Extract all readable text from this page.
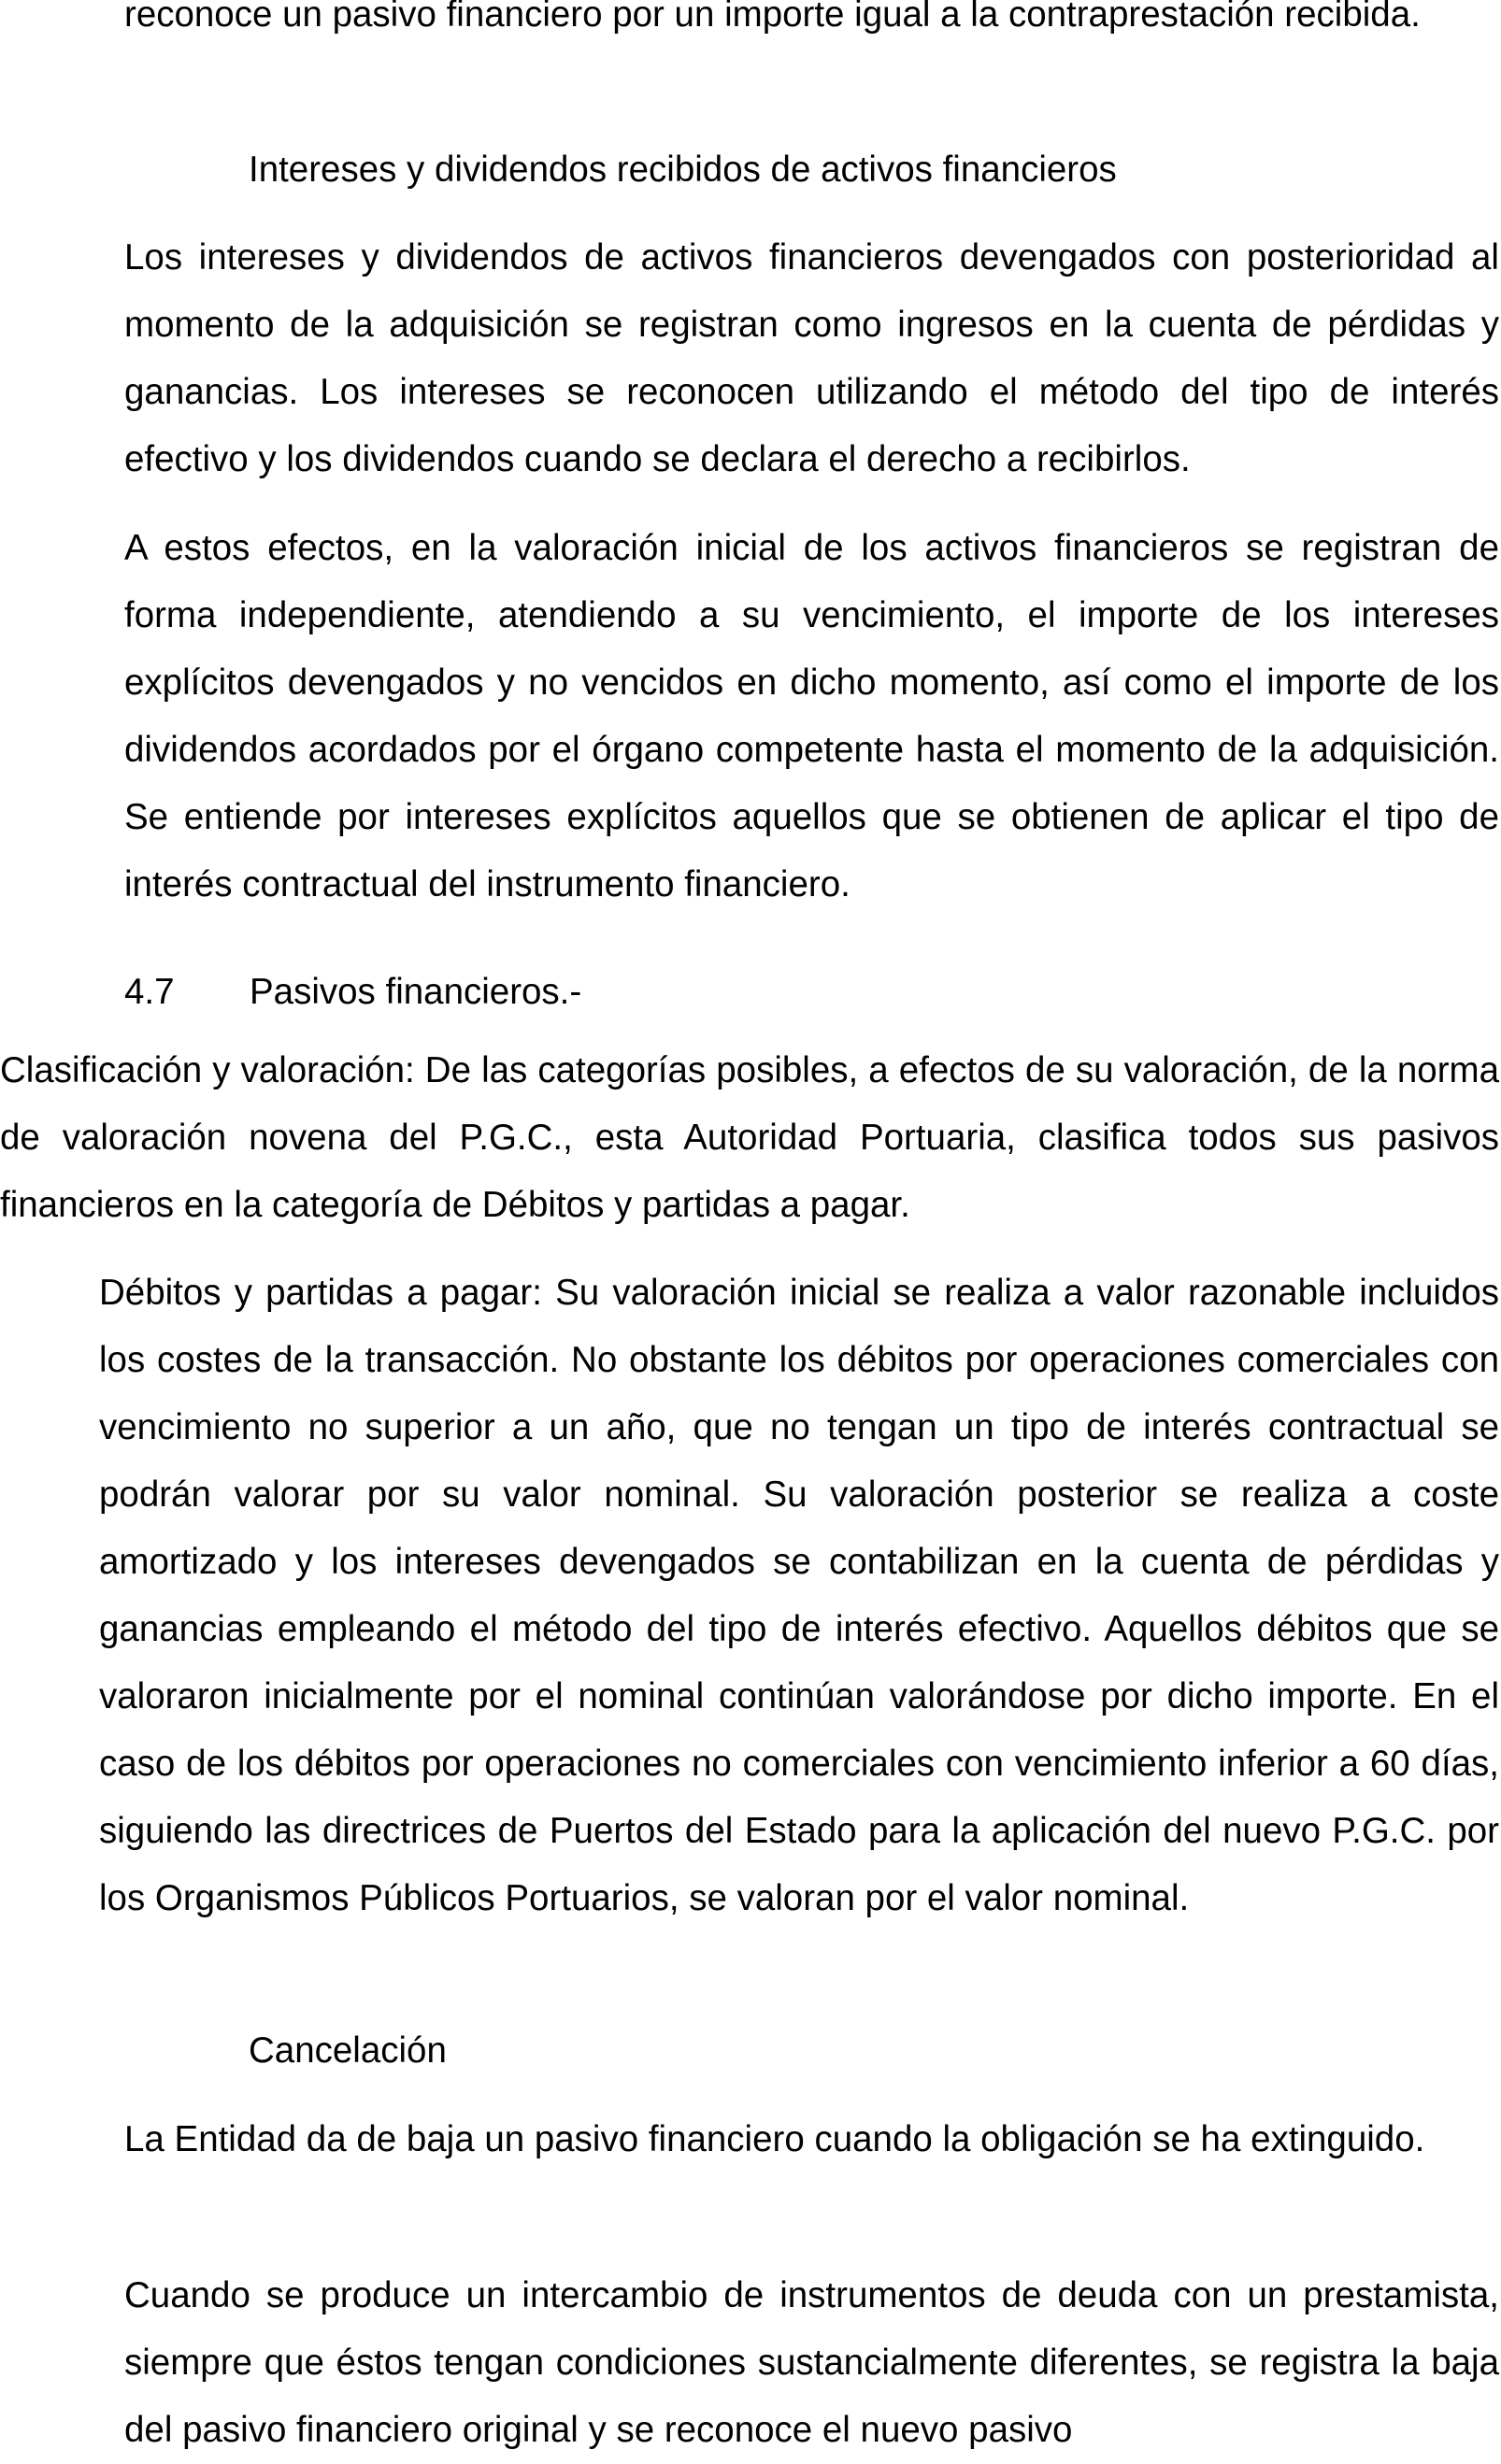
reconoce un pasivo financiero por un importe igual a la contraprestación recibida.
Intereses y dividendos recibidos de activos financieros
Los intereses y dividendos de activos financieros devengados con posterioridad al momento de la adquisición se registran como ingresos en la cuenta de pérdidas y ganancias. Los intereses se reconocen utilizando el método del tipo de interés efectivo y los dividendos cuando se declara el derecho a recibirlos.
A estos efectos, en la valoración inicial de los activos financieros se registran de forma independiente, atendiendo a su vencimiento, el importe de los intereses explícitos devengados y no vencidos en dicho momento, así como el importe de los dividendos acordados por el órgano competente hasta el momento de la adquisición. Se entiende por intereses explícitos aquellos que se obtienen de aplicar el tipo de interés contractual del instrumento financiero.
4.7 Pasivos financieros.-
Clasificación y valoración: De las categorías posibles, a efectos de su valoración, de la norma de valoración novena del P.G.C., esta Autoridad Portuaria, clasifica todos sus pasivos financieros en la categoría de Débitos y partidas a pagar.
Débitos y partidas a pagar: Su valoración inicial se realiza a valor razonable incluidos los costes de la transacción. No obstante los débitos por operaciones comerciales con vencimiento no superior a un año, que no tengan un tipo de interés contractual se podrán valorar por su valor nominal. Su valoración posterior se realiza a coste amortizado y los intereses devengados se contabilizan en la cuenta de pérdidas y ganancias empleando el método del tipo de interés efectivo. Aquellos débitos que se valoraron inicialmente por el nominal continúan valorándose por dicho importe. En el caso de los débitos por operaciones no comerciales con vencimiento inferior a 60 días, siguiendo las directrices de Puertos del Estado para la aplicación del nuevo P.G.C. por los Organismos Públicos Portuarios, se valoran por el valor nominal.
Cancelación
La Entidad da de baja un pasivo financiero cuando la obligación se ha extinguido.
Cuando se produce un intercambio de instrumentos de deuda con un prestamista, siempre que éstos tengan condiciones sustancialmente diferentes, se registra la baja del pasivo financiero original y se reconoce el nuevo pasivo
